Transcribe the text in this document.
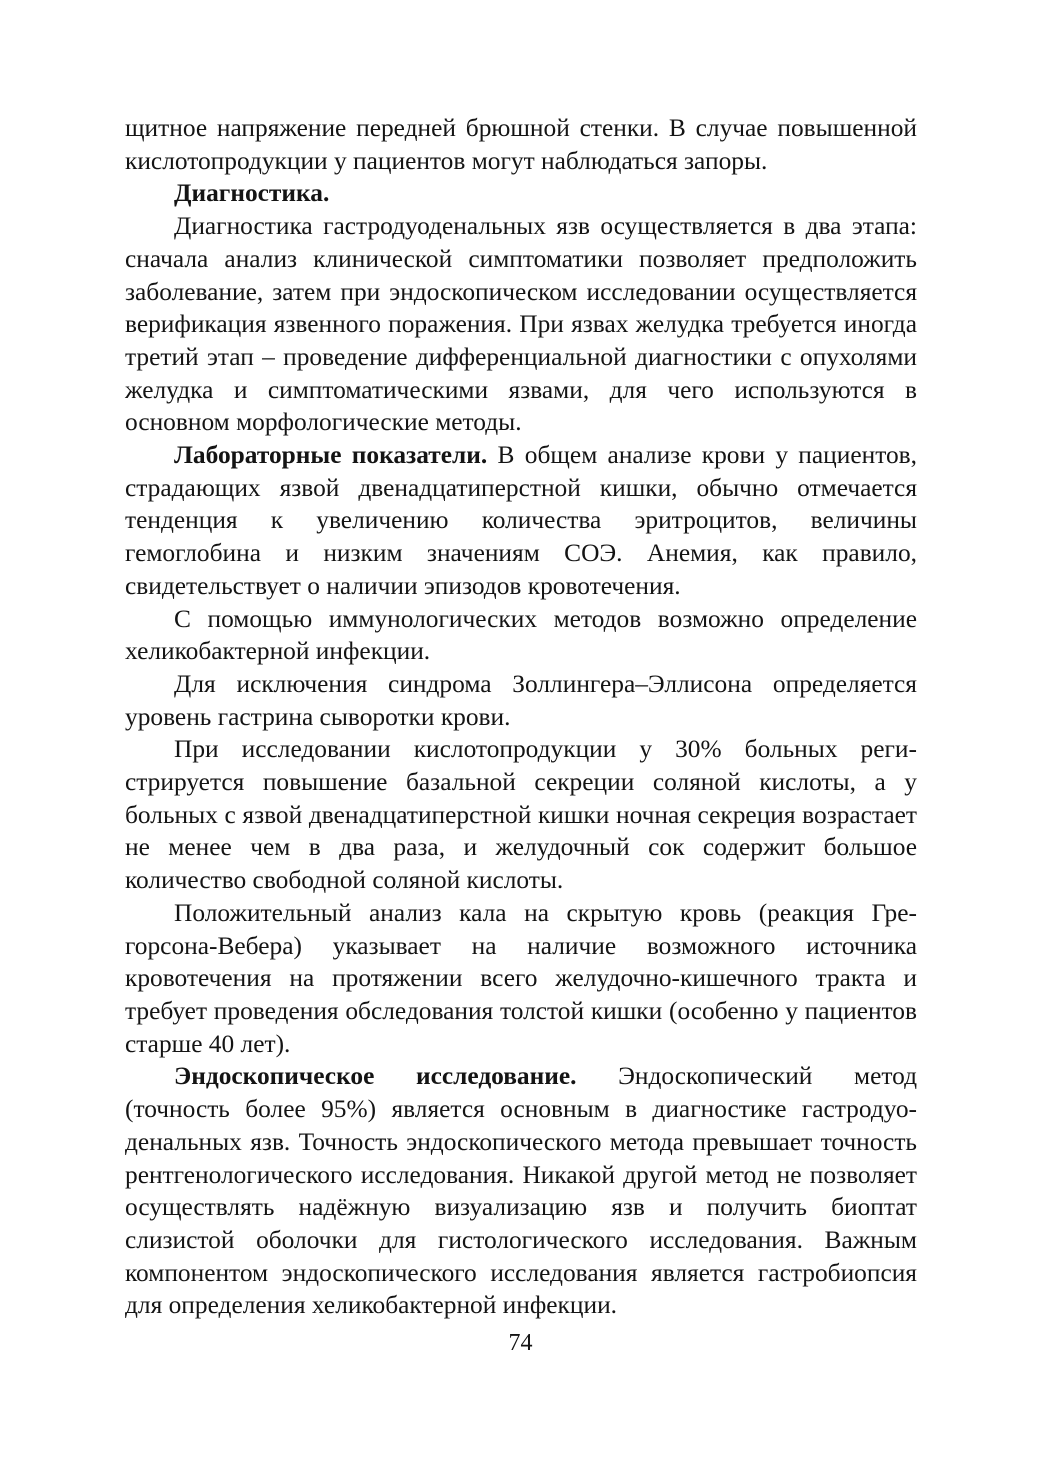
щитное напряжение передней брюшной стенки. В случае повышенной кислотопродукции у пациентов могут наблюдаться запоры.

Диагностика.

Диагностика гастродуоденальных язв осуществляется в два этапа: сначала анализ клинической симптоматики позволяет предположить заболевание, затем при эндоскопическом исследовании осуществляется верификация язвенного поражения. При язвах желудка требуется иногда третий этап – проведение дифференциальной диагностики с опухолями желудка и симптоматическими язвами, для чего используются в основном морфологические методы.

Лабораторные показатели. В общем анализе крови у пациентов, страдающих язвой двенадцатиперстной кишки, обычно отмечается тенденция к увеличению количества эритроцитов, величины гемоглобина и низким значениям СОЭ. Анемия, как правило, свидетельствует о наличии эпизодов кровотечения.

С помощью иммунологических методов возможно определение хеликобактерной инфекции.

Для исключения синдрома Золлингера–Эллисона определяется уровень гастрина сыворотки крови.

При исследовании кислотопродукции у 30% больных регистрируется повышение базальной секреции соляной кислоты, а у больных с язвой двенадцатиперстной кишки ночная секреция возрастает не менее чем в два раза, и желудочный сок содержит большое количество свободной соляной кислоты.

Положительный анализ кала на скрытую кровь (реакция Грегорсона-Вебера) указывает на наличие возможного источника кровотечения на протяжении всего желудочно-кишечного тракта и требует проведения обследования толстой кишки (особенно у пациентов старше 40 лет).

Эндоскопическое исследование. Эндоскопический метод (точность более 95%) является основным в диагностике гастродуоденальных язв. Точность эндоскопического метода превышает точность рентгенологического исследования. Никакой другой метод не позволяет осуществлять надёжную визуализацию язв и получить биоптат слизистой оболочки для гистологического исследования. Важным компонентом эндоскопического исследования является гастробиопсия для определения хеликобактерной инфекции.

74
